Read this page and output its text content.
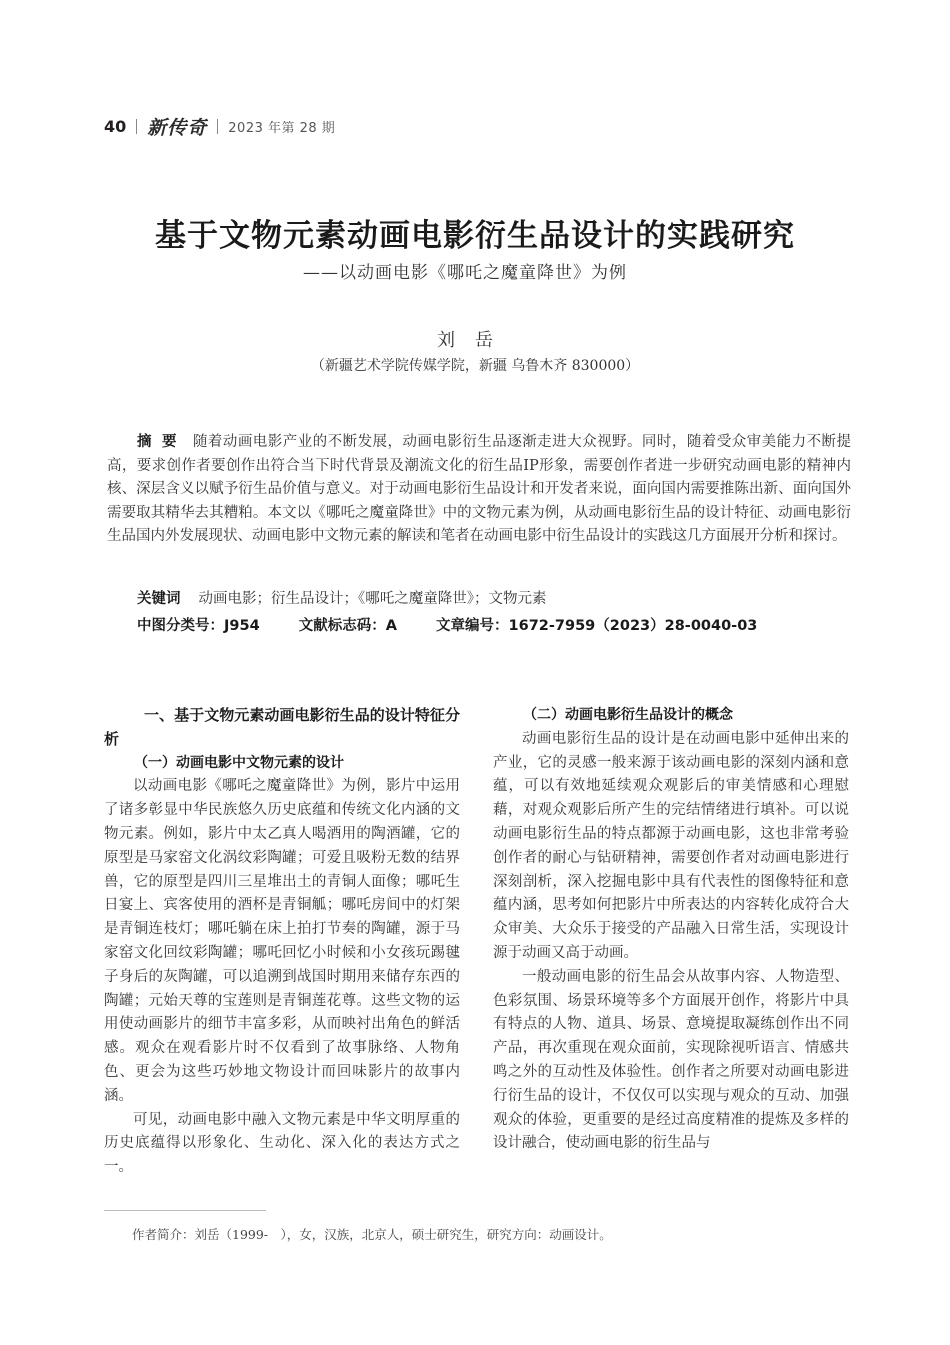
40 新传奇 2023 年第 28 期
基于文物元素动画电影衍生品设计的实践研究
——以动画电影《哪吒之魔童降世》为例
刘岳
（新疆艺术学院传媒学院，新疆 乌鲁木齐 830000）
摘要 随着动画电影产业的不断发展，动画电影衍生品逐渐走进大众视野。同时，随着受众审美能力不断提高，要求创作者要创作出符合当下时代背景及潮流文化的衍生品IP形象，需要创作者进一步研究动画电影的精神内核、深层含义以赋予衍生品价值与意义。对于动画电影衍生品设计和开发者来说，面向国内需要推陈出新、面向国外需要取其精华去其糟粕。本文以《哪吒之魔童降世》中的文物元素为例，从动画电影衍生品的设计特征、动画电影衍生品国内外发展现状、动画电影中文物元素的解读和笔者在动画电影中衍生品设计的实践这几方面展开分析和探讨。
关键词 动画电影；衍生品设计；《哪吒之魔童降世》；文物元素
中图分类号：J954	文献标志码：A	文章编号：1672-7959（2023）28-0040-03
一、基于文物元素动画电影衍生品的设计特征分析
（一）动画电影中文物元素的设计

以动画电影《哪吒之魔童降世》为例，影片中运用了诸多彰显中华民族悠久历史底蕴和传统文化内涵的文物元素。例如，影片中太乙真人喝酒用的陶酒罐，它的原型是马家窑文化涡纹彩陶罐；可爱且吸粉无数的结界兽，它的原型是四川三星堆出土的青铜人面像；哪吒生日宴上、宾客使用的酒杯是青铜觚；哪吒房间中的灯架是青铜连枝灯；哪吒躺在床上拍打节奏的陶罐，源于马家窑文化回纹彩陶罐；哪吒回忆小时候和小女孩玩踢毽子身后的灰陶罐，可以追溯到战国时期用来储存东西的陶罐；元始天尊的宝莲则是青铜莲花尊。这些文物的运用使动画影片的细节丰富多彩，从而映衬出角色的鲜活感。观众在观看影片时不仅看到了故事脉络、人物角色、更会为这些巧妙地文物设计而回味影片的故事内涵。

可见，动画电影中融入文物元素是中华文明厚重的历史底蕴得以形象化、生动化、深入化的表达方式之一。

（二）动画电影衍生品设计的概念

动画电影衍生品的设计是在动画电影中延伸出来的产业，它的灵感一般来源于该动画电影的深刻内涵和意蕴，可以有效地延续观众观影后的审美情感和心理慰藉，对观众观影后所产生的完结情绪进行填补。可以说动画电影衍生品的特点都源于动画电影，这也非常考验创作者的耐心与钻研精神，需要创作者对动画电影进行深刻剖析，深入挖掘电影中具有代表性的图像特征和意蕴内涵，思考如何把影片中所表达的内容转化成符合大众审美、大众乐于接受的产品融入日常生活，实现设计源于动画又高于动画。

一般动画电影的衍生品会从故事内容、人物造型、色彩氛围、场景环境等多个方面展开创作，将影片中具有特点的人物、道具、场景、意境提取凝练创作出不同产品，再次重现在观众面前，实现除视听语言、情感共鸣之外的互动性及体验性。创作者之所要对动画电影进行衍生品的设计，不仅仅可以实现与观众的互动、加强观众的体验，更重要的是经过高度精准的提炼及多样的设计融合，使动画电影的衍生品与

作者简介：刘岳（1999-　），女，汉族，北京人，硕士研究生，研究方向：动画设计。
